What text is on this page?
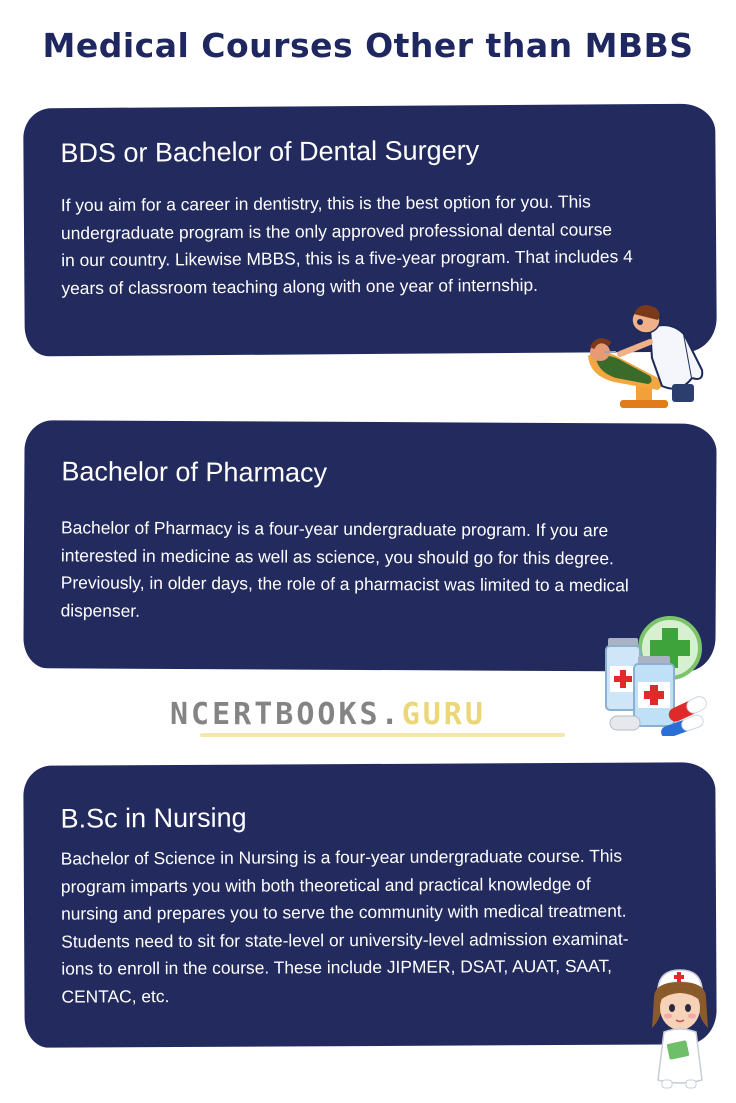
Medical Courses Other than MBBS
BDS or Bachelor of Dental Surgery
If you aim for a career in dentistry, this is the best option for you. This
undergraduate program is the only approved professional dental course
in our country. Likewise MBBS, this is a five-year program. That includes 4
years of classroom teaching along with one year of internship.
Bachelor of Pharmacy
Bachelor of Pharmacy is a four-year undergraduate program. If you are
interested in medicine as well as science, you should go for this degree.
Previously, in older days, the role of a pharmacist was limited to a medical
dispenser.
NCERTBOOKS.GURU
B.Sc in Nursing
Bachelor of Science in Nursing is a four-year undergraduate course. This
program imparts you with both theoretical and practical knowledge of
nursing and prepares you to serve the community with medical treatment.
Students need to sit for state-level or university-level admission examinat-
ions to enroll in the course. These include JIPMER, DSAT, AUAT, SAAT,
CENTAC, etc.
